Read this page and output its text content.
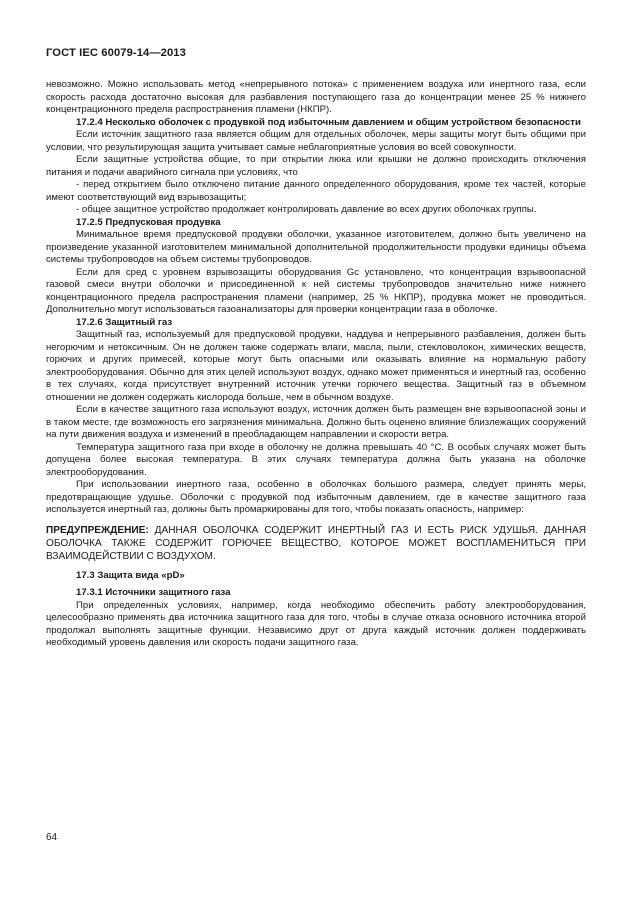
ГОСТ IEC 60079-14—2013

невозможно. Можно использовать метод «непрерывного потока» с применением воздуха или инертного газа, если скорость расхода достаточно высокая для разбавления поступающего газа до концентрации менее 25 % нижнего концентрационного предела распространения пламени (НКПР).

17.2.4 Несколько оболочек с продувкой под избыточным давлением и общим устройством безопасности

Если источник защитного газа является общим для отдельных оболочек, меры защиты могут быть общими при условии, что результирующая защита учитывает самые неблагоприятные условия во всей совокупности.

Если защитные устройства общие, то при открытии люка или крышки не должно происходить отключения питания и подачи аварийного сигнала при условиях, что

- перед открытием было отключено питание данного определенного оборудования, кроме тех частей, которые имеют соответствующий вид взрывозащиты;

- общее защитное устройство продолжает контролировать давление во всех других оболочках группы.

17.2.5 Предпусковая продувка

Минимальное время предпусковой продувки оболочки, указанное изготовителем, должно быть увеличено на произведение указанной изготовителем минимальной дополнительной продолжительности продувки единицы объема системы трубопроводов на объем системы трубопроводов.

Если для сред с уровнем взрывозащиты оборудования Gc установлено, что концентрация взрывоопасной газовой смеси внутри оболочки и присоединенной к ней системы трубопроводов значительно ниже нижнего концентрационного предела распространения пламени (например, 25 % НКПР), продувка может не проводиться. Дополнительно могут использоваться газоанализаторы для проверки концентрации газа в оболочке.

17.2.6 Защитный газ

Защитный газ, используемый для предпусковой продувки, наддува и непрерывного разбавления, должен быть негорючим и нетоксичным. Он не должен также содержать влаги, масла, пыли, стекловолокон, химических веществ, горючих и других примесей, которые могут быть опасными или оказывать влияние на нормальную работу электрооборудования. Обычно для этих целей используют воздух, однако может применяться и инертный газ, особенно в тех случаях, когда присутствует внутренний источник утечки горючего вещества. Защитный газ в объемном отношении не должен содержать кислорода больше, чем в обычном воздухе.

Если в качестве защитного газа используют воздух, источник должен быть размещен вне взрывоопасной зоны и в таком месте, где возможность его загрязнения минимальна. Должно быть оценено влияние близлежащих сооружений на пути движения воздуха и изменений в преобладающем направлении и скорости ветра.

Температура защитного газа при входе в оболочку не должна превышать 40 °С. В особых случаях может быть допущена более высокая температура. В этих случаях температура должна быть указана на оболочке электрооборудования.

При использовании инертного газа, особенно в оболочках большого размера, следует принять меры, предотвращающие удушье. Оболочки с продувкой под избыточным давлением, где в качестве защитного газа используется инертный газ, должны быть промаркированы для того, чтобы показать опасность, например:

ПРЕДУПРЕЖДЕНИЕ: ДАННАЯ ОБОЛОЧКА СОДЕРЖИТ ИНЕРТНЫЙ ГАЗ И ЕСТЬ РИСК УДУШЬЯ. ДАННАЯ ОБОЛОЧКА ТАКЖЕ СОДЕРЖИТ ГОРЮЧЕЕ ВЕЩЕСТВО, КОТОРОЕ МОЖЕТ ВОСПЛАМЕНИТЬСЯ ПРИ ВЗАИМОДЕЙСТВИИ С ВОЗДУХОМ.

17.3 Защита вида «pD»

17.3.1 Источники защитного газа

При определенных условиях, например, когда необходимо обеспечить работу электрооборудования, целесообразно применять два источника защитного газа для того, чтобы в случае отказа основного источника второй продолжал выполнять защитные функции. Независимо друг от друга каждый источник должен поддерживать необходимый уровень давления или скорость подачи защитного газа.

64
